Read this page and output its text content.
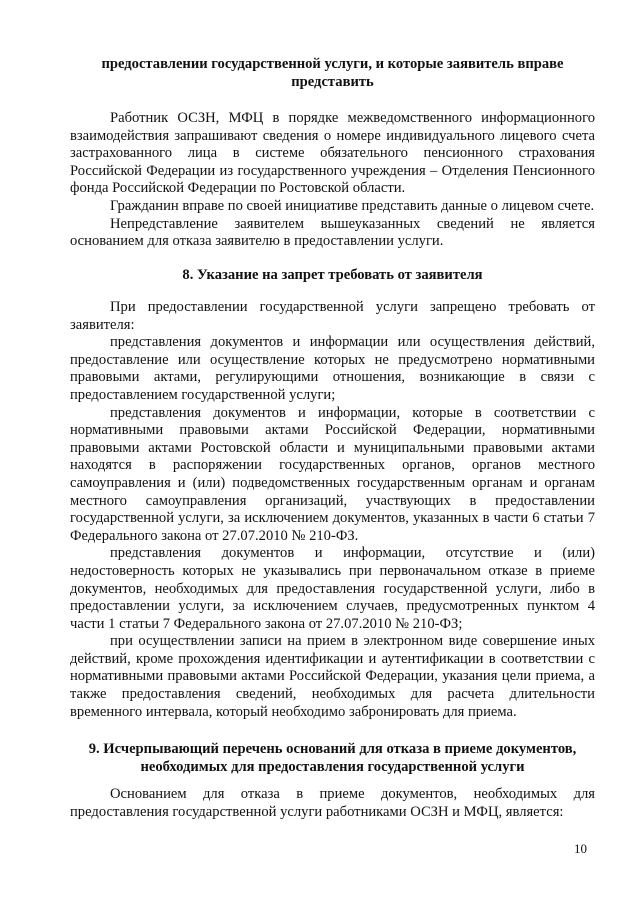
предоставлении государственной услуги, и которые заявитель вправе представить

Работник ОСЗН, МФЦ в порядке межведомственного информационного взаимодействия запрашивают сведения о номере индивидуального лицевого счета застрахованного лица в системе обязательного пенсионного страхования Российской Федерации из государственного учреждения – Отделения Пенсионного фонда Российской Федерации по Ростовской области.

Гражданин вправе по своей инициативе представить данные о лицевом счете.

Непредставление заявителем вышеуказанных сведений не является основанием для отказа заявителю в предоставлении услуги.

8. Указание на запрет требовать от заявителя

При предоставлении государственной услуги запрещено требовать от заявителя:

представления документов и информации или осуществления действий, предоставление или осуществление которых не предусмотрено нормативными правовыми актами, регулирующими отношения, возникающие в связи с предоставлением государственной услуги;

представления документов и информации, которые в соответствии с нормативными правовыми актами Российской Федерации, нормативными правовыми актами Ростовской области и муниципальными правовыми актами находятся в распоряжении государственных органов, органов местного самоуправления и (или) подведомственных государственным органам и органам местного самоуправления организаций, участвующих в предоставлении государственной услуги, за исключением документов, указанных в части 6 статьи 7 Федерального закона от 27.07.2010 № 210-ФЗ.

представления документов и информации, отсутствие и (или) недостоверность которых не указывались при первоначальном отказе в приеме документов, необходимых для предоставления государственной услуги, либо в предоставлении услуги, за исключением случаев, предусмотренных пунктом 4 части 1 статьи 7 Федерального закона от 27.07.2010 № 210-ФЗ;

при осуществлении записи на прием в электронном виде совершение иных действий, кроме прохождения идентификации и аутентификации в соответствии с нормативными правовыми актами Российской Федерации, указания цели приема, а также предоставления сведений, необходимых для расчета длительности временного интервала, который необходимо забронировать для приема.

9. Исчерпывающий перечень оснований для отказа в приеме документов,
необходимых для предоставления государственной услуги

Основанием для отказа в приеме документов, необходимых для предоставления государственной услуги работниками ОСЗН и МФЦ, является:

10
